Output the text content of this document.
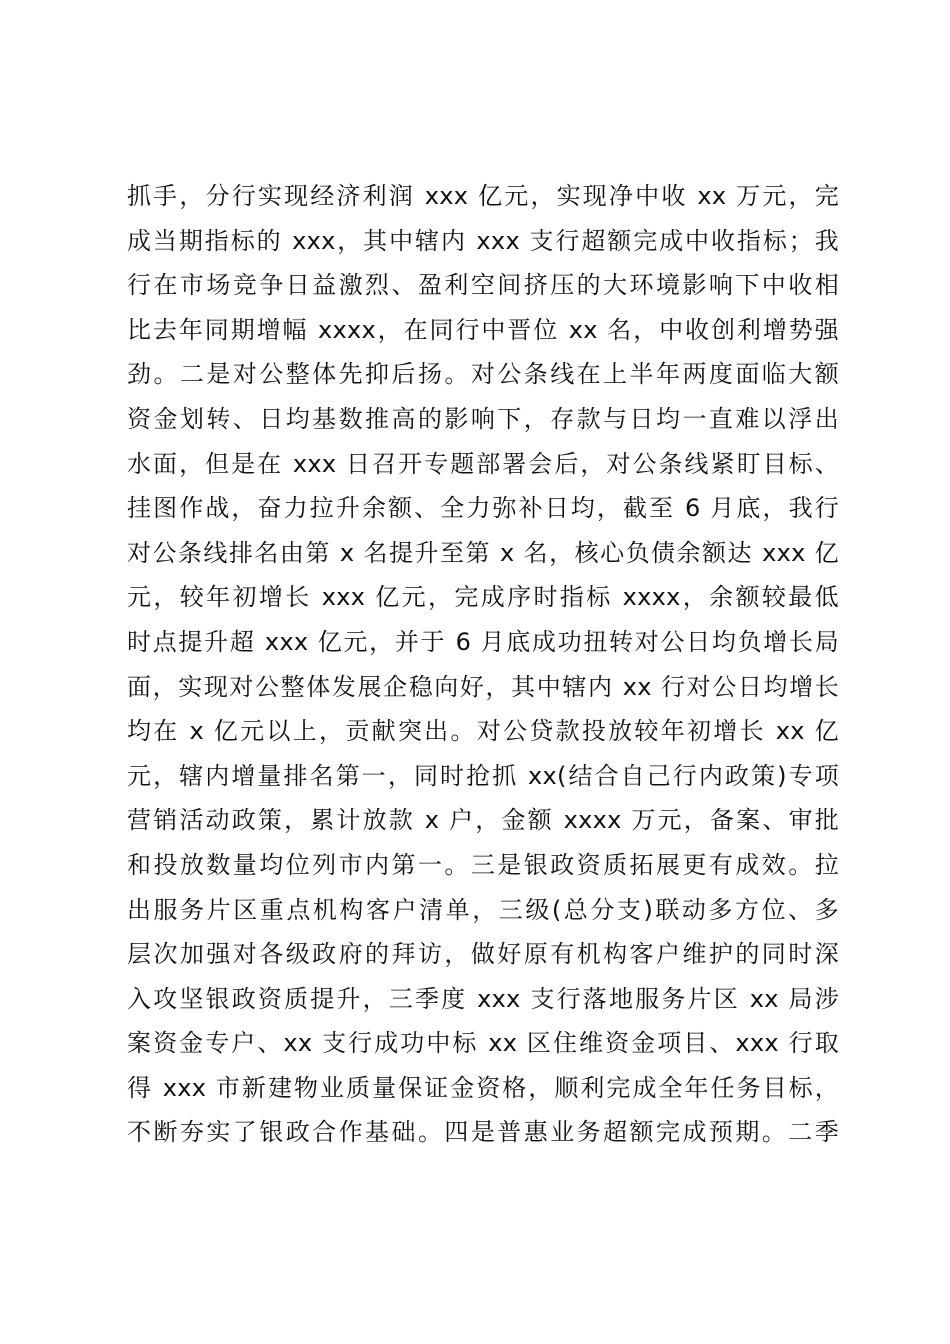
抓手，分行实现经济利润 xxx 亿元，实现净中收 xx 万元，完
成当期指标的 xxx，其中辖内 xxx 支行超额完成中收指标；我
行在市场竞争日益激烈、盈利空间挤压的大环境影响下中收相
比去年同期增幅 xxxx，在同行中晋位 xx 名，中收创利增势强
劲。二是对公整体先抑后扬。对公条线在上半年两度面临大额
资金划转、日均基数推高的影响下，存款与日均一直难以浮出
水面，但是在 xxx 日召开专题部署会后，对公条线紧盯目标、
挂图作战，奋力拉升余额、全力弥补日均，截至 6 月底，我行
对公条线排名由第 x 名提升至第 x 名，核心负债余额达 xxx 亿
元，较年初增长 xxx 亿元，完成序时指标 xxxx，余额较最低
时点提升超 xxx 亿元，并于 6 月底成功扭转对公日均负增长局
面，实现对公整体发展企稳向好，其中辖内 xx 行对公日均增长
均在 x 亿元以上，贡献突出。对公贷款投放较年初增长 xx 亿
元，辖内增量排名第一，同时抢抓 xx(结合自己行内政策)专项
营销活动政策，累计放款 x 户，金额 xxxx 万元，备案、审批
和投放数量均位列市内第一。三是银政资质拓展更有成效。拉
出服务片区重点机构客户清单，三级(总分支)联动多方位、多
层次加强对各级政府的拜访，做好原有机构客户维护的同时深
入攻坚银政资质提升，三季度 xxx 支行落地服务片区 xx 局涉
案资金专户、xx 支行成功中标 xx 区住维资金项目、xxx 行取
得 xxx 市新建物业质量保证金资格，顺利完成全年任务目标，
不断夯实了银政合作基础。四是普惠业务超额完成预期。二季
